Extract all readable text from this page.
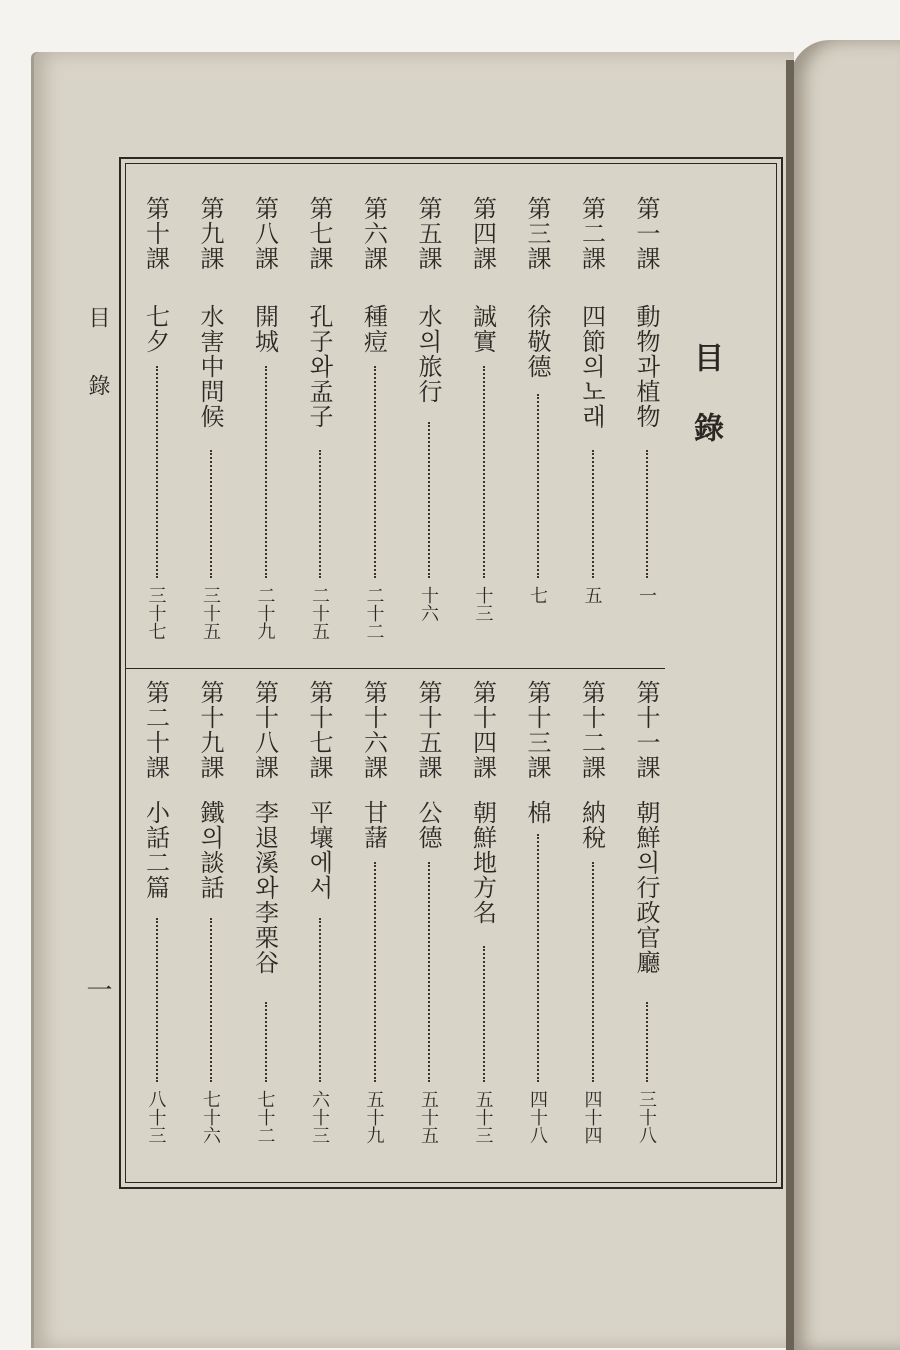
目錄
一
目錄
第一課
動物과植物
一
第二課
四節의노래
五
第三課
徐敬德
七
第四課
誠實
十三
第五課
水의旅行
十六
第六課
種痘
二十二
第七課
孔子와孟子
二十五
第八課
開城
二十九
第九課
水害中問候
三十五
第十課
七夕
三十七
第十一課
朝鮮의行政官廳
三十八
第十二課
納稅
四十四
第十三課
棉
四十八
第十四課
朝鮮地方名
五十三
第十五課
公德
五十五
第十六課
甘藷
五十九
第十七課
平壤에서
六十三
第十八課
李退溪와李栗谷
七十二
第十九課
鐵의談話
七十六
第二十課
小話二篇
八十三
